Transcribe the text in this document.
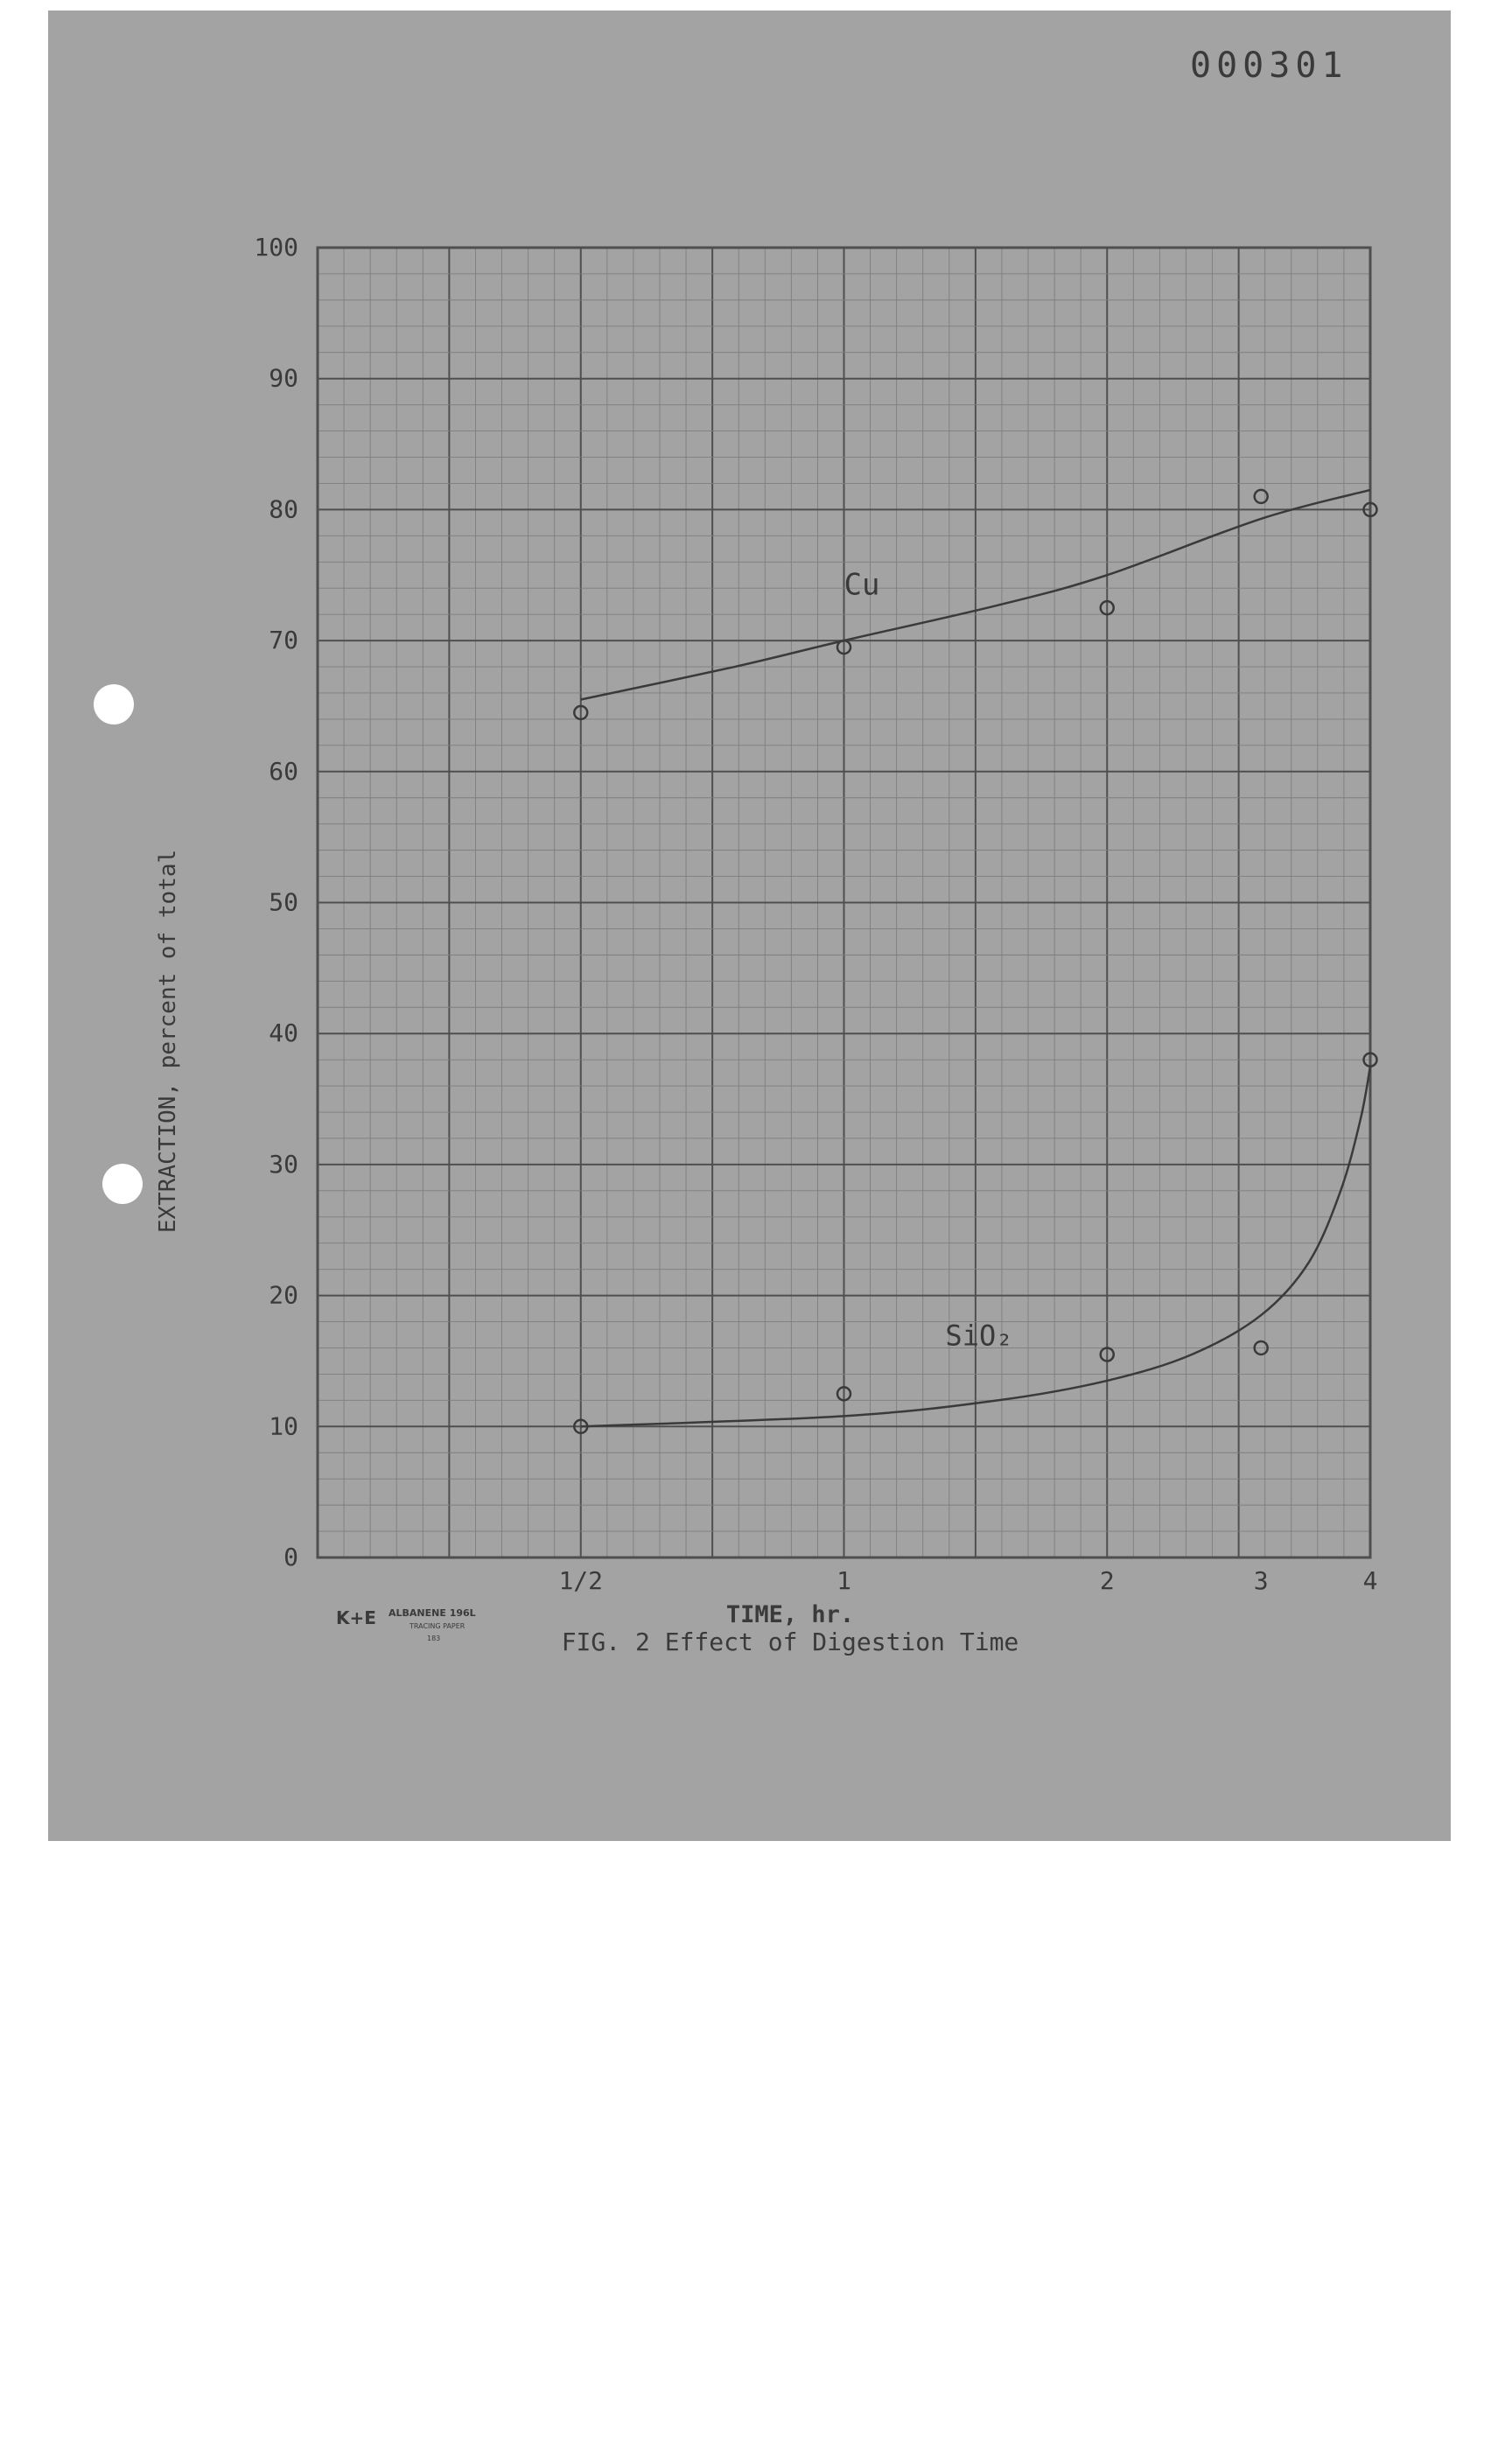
000301
0
10
20
30
40
50
60
70
80
90
100
1/2	1	2	3	4
Cu
SiO₂
TIME, hr.
FIG. 2 Effect of Digestion Time
EXTRACTION, percent of total
K+E ALBANENE 196L
TRACING PAPER
183
